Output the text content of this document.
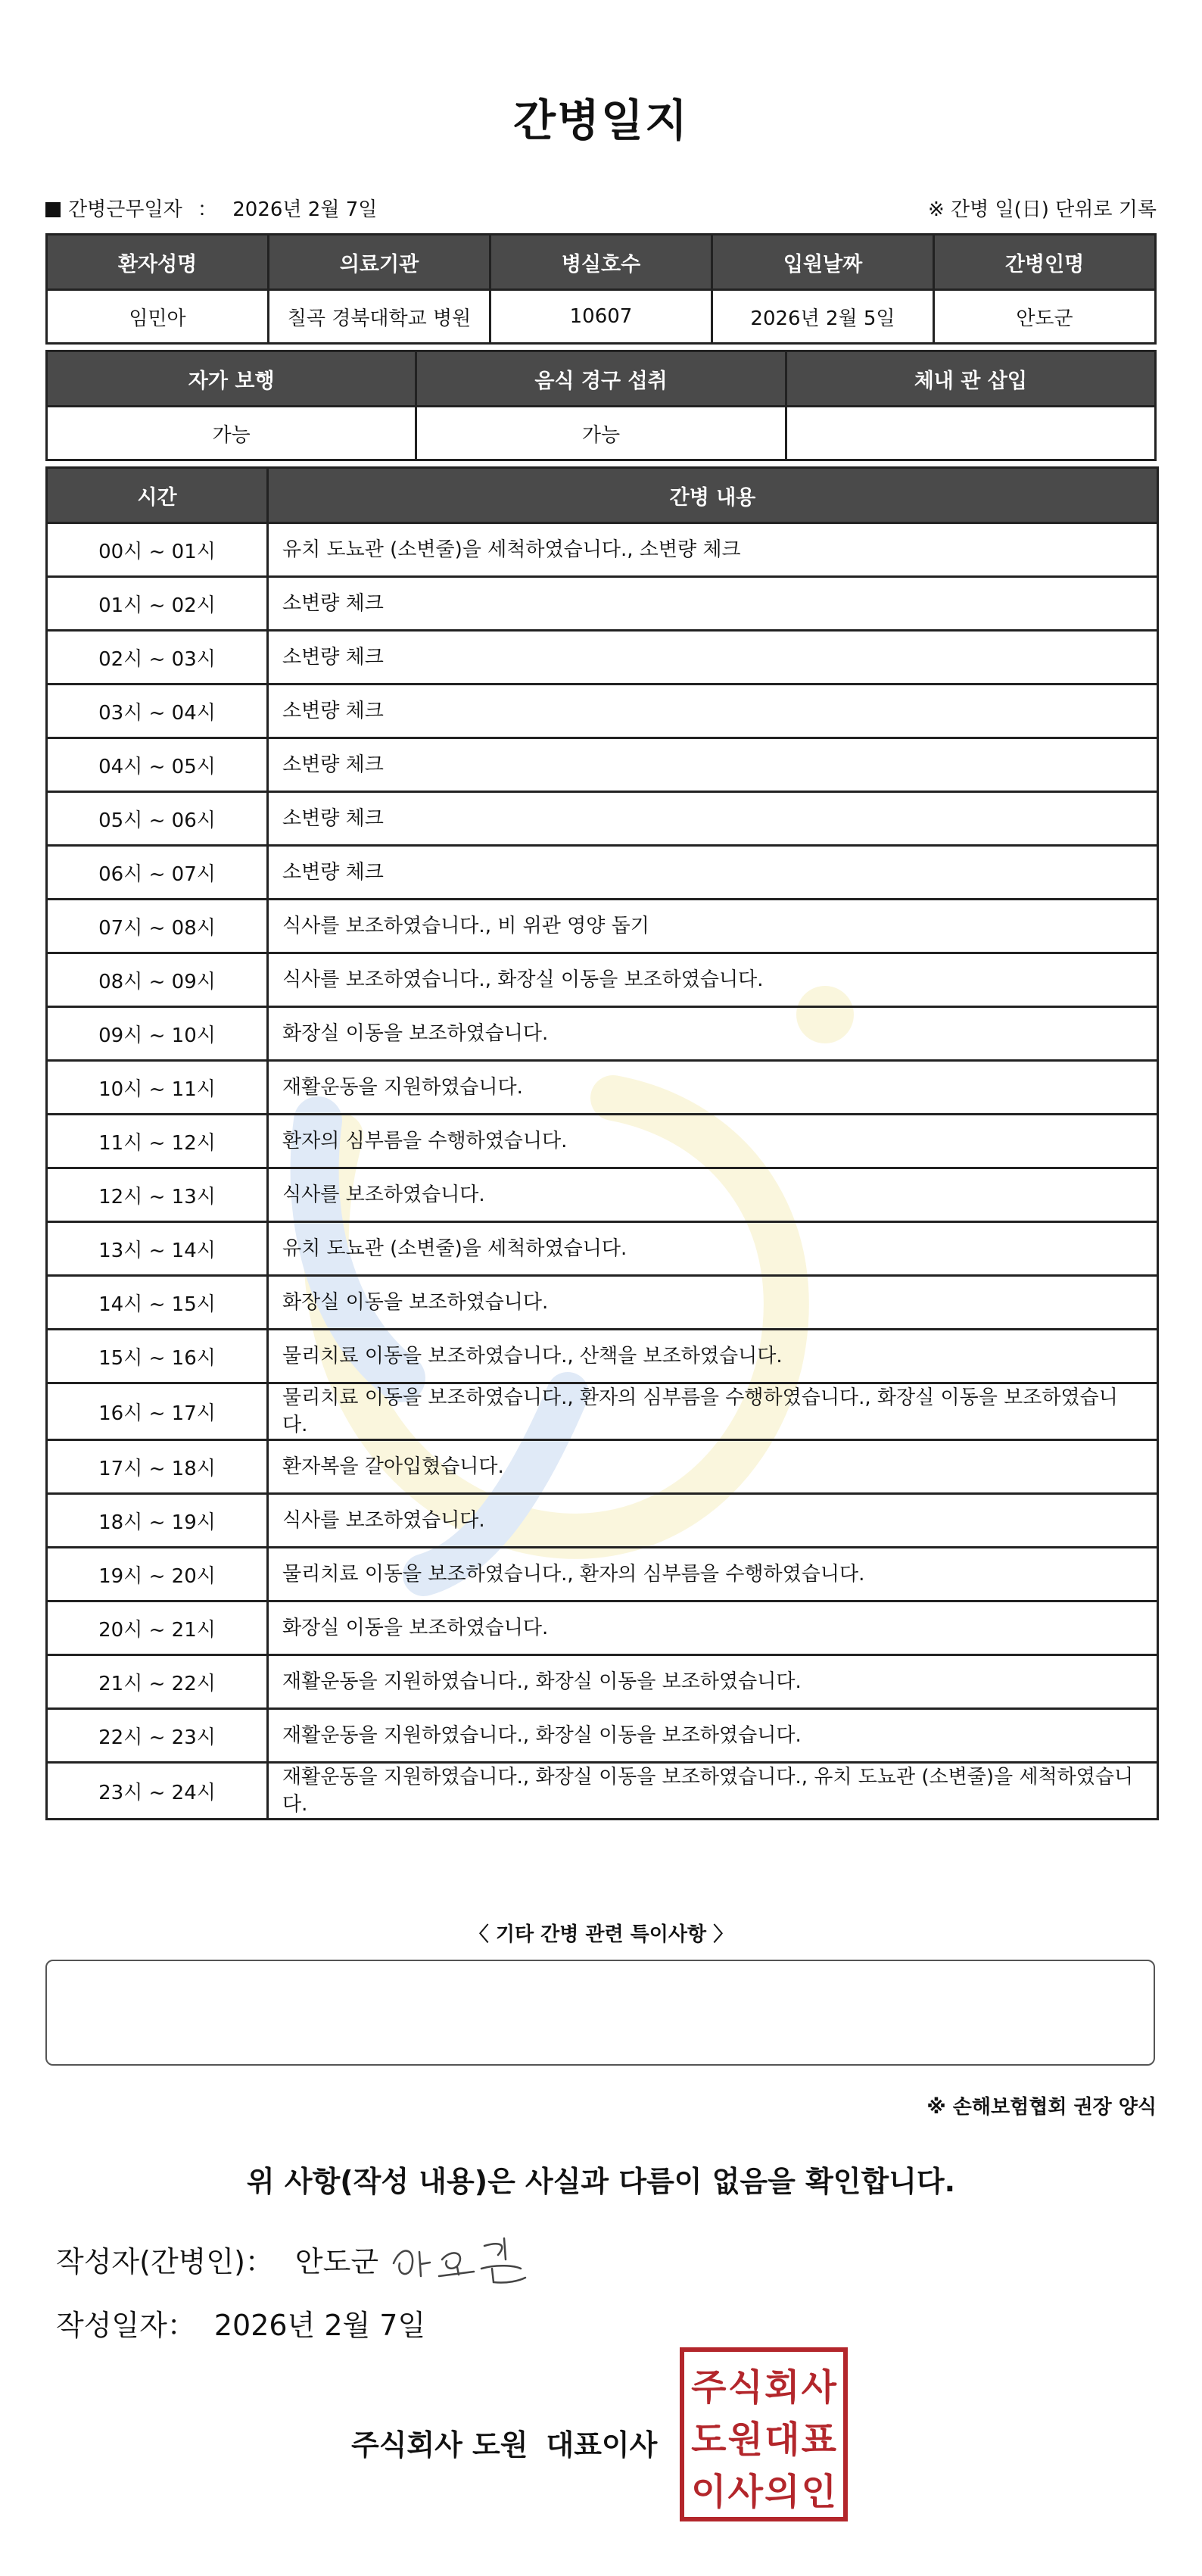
간병일지
간병근무일자 ： 2026년 2월 7일	※ 간병 일(日) 단위로 기록
환자성명	의료기관	병실호수	입원날짜	간병인명
임민아	칠곡 경북대학교 병원	10607	2026년 2월 5일	안도군
자가 보행	음식 경구 섭취	체내 관 삽입
가능	가능	
시간	간병 내용
00시 ~ 01시	유치 도뇨관 (소변줄)을 세척하였습니다., 소변량 체크
01시 ~ 02시	소변량 체크
02시 ~ 03시	소변량 체크
03시 ~ 04시	소변량 체크
04시 ~ 05시	소변량 체크
05시 ~ 06시	소변량 체크
06시 ~ 07시	소변량 체크
07시 ~ 08시	식사를 보조하였습니다., 비 위관 영양 돕기
08시 ~ 09시	식사를 보조하였습니다., 화장실 이동을 보조하였습니다.
09시 ~ 10시	화장실 이동을 보조하였습니다.
10시 ~ 11시	재활운동을 지원하였습니다.
11시 ~ 12시	환자의 심부름을 수행하였습니다.
12시 ~ 13시	식사를 보조하였습니다.
13시 ~ 14시	유치 도뇨관 (소변줄)을 세척하였습니다.
14시 ~ 15시	화장실 이동을 보조하였습니다.
15시 ~ 16시	물리치료 이동을 보조하였습니다., 산책을 보조하였습니다.
16시 ~ 17시	물리치료 이동을 보조하였습니다., 환자의 심부름을 수행하였습니다., 화장실 이동을 보조하였습니다.
17시 ~ 18시	환자복을 갈아입혔습니다.
18시 ~ 19시	식사를 보조하였습니다.
19시 ~ 20시	물리치료 이동을 보조하였습니다., 환자의 심부름을 수행하였습니다.
20시 ~ 21시	화장실 이동을 보조하였습니다.
21시 ~ 22시	재활운동을 지원하였습니다., 화장실 이동을 보조하였습니다.
22시 ~ 23시	재활운동을 지원하였습니다., 화장실 이동을 보조하였습니다.
23시 ~ 24시	재활운동을 지원하였습니다., 화장실 이동을 보조하였습니다., 유치 도뇨관 (소변줄)을 세척하였습니다.
〈 기타 간병 관련 특이사항 〉
※ 손해보험협회 권장 양식
위 사항(작성 내용)은 사실과 다름이 없음을 확인합니다.
작성자(간병인)： 안도군
작성일자： 2026년 2월 7일
주식회사 도원 대표이사
주 식 회 사
도 원 대 표
이 사 의 인
